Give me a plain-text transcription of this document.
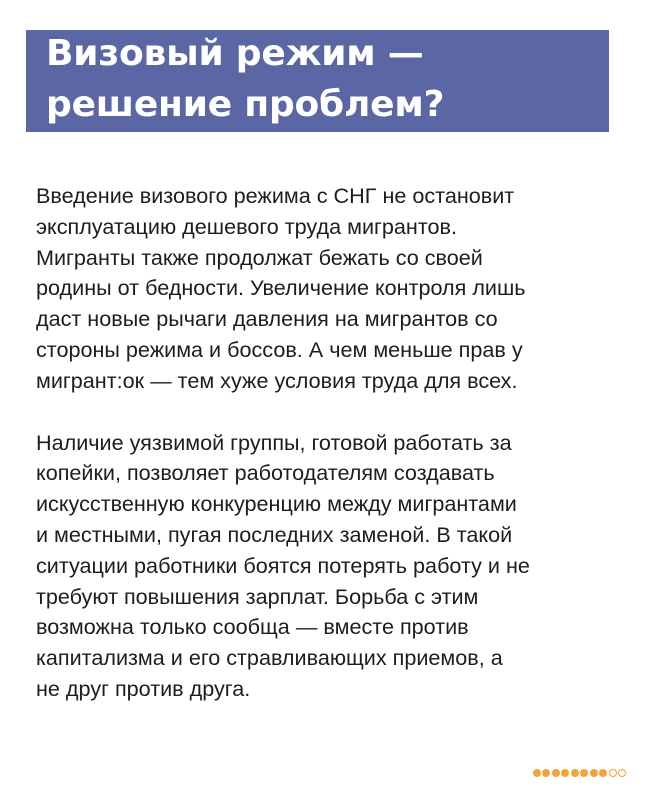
Визовый режим —
решение проблем?

Введение визового режима с СНГ не остановит
эксплуатацию дешевого труда мигрантов.
Мигранты также продолжат бежать со своей
родины от бедности. Увеличение контроля лишь
даст новые рычаги давления на мигрантов со
стороны режима и боссов. А чем меньше прав у
мигрант:ок — тем хуже условия труда для всех.

Наличие уязвимой группы, готовой работать за
копейки, позволяет работодателям создавать
искусственную конкуренцию между мигрантами
и местными, пугая последних заменой. В такой
ситуации работники боятся потерять работу и не
требуют повышения зарплат. Борьба с этим
возможна только сообща — вместе против
капитализма и его стравливающих приемов, а
не друг против друга.
